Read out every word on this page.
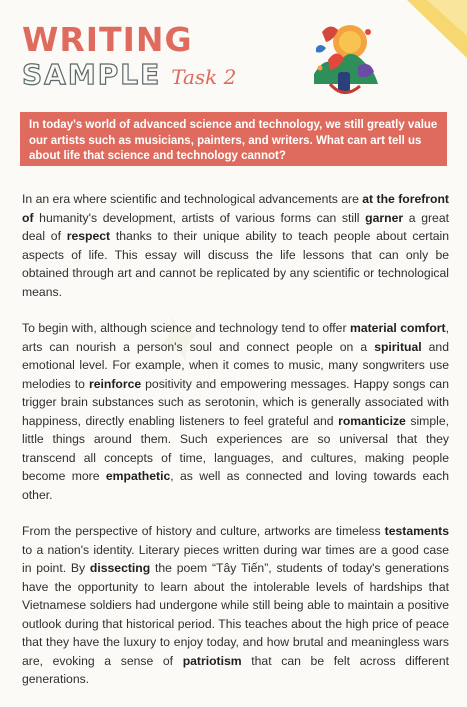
WRITING
SAMPLE Task 2

In today's world of advanced science and technology, we still greatly value our artists such as musicians, painters, and writers. What can art tell us about life that science and technology cannot?

✦

In an era where scientific and technological advancements are at the forefront of humanity's development, artists of various forms can still garner a great deal of respect thanks to their unique ability to teach people about certain aspects of life. This essay will discuss the life lessons that can only be obtained through art and cannot be replicated by any scientific or technological means.

To begin with, although science and technology tend to offer material comfort, arts can nourish a person's soul and connect people on a spiritual and emotional level. For example, when it comes to music, many songwriters use melodies to reinforce positivity and empowering messages. Happy songs can trigger brain substances such as serotonin, which is generally associated with happiness, directly enabling listeners to feel grateful and romanticize simple, little things around them. Such experiences are so universal that they transcend all concepts of time, languages, and cultures, making people become more empathetic, as well as connected and loving towards each other.

From the perspective of history and culture, artworks are timeless testaments to a nation's identity. Literary pieces written during war times are a good case in point. By dissecting the poem “Tây Tiến”, students of today's generations have the opportunity to learn about the intolerable levels of hardships that Vietnamese soldiers had undergone while still being able to maintain a positive outlook during that historical period. This teaches about the high price of peace that they have the luxury to enjoy today, and how brutal and meaningless wars are, evoking a sense of patriotism that can be felt across different generations.
